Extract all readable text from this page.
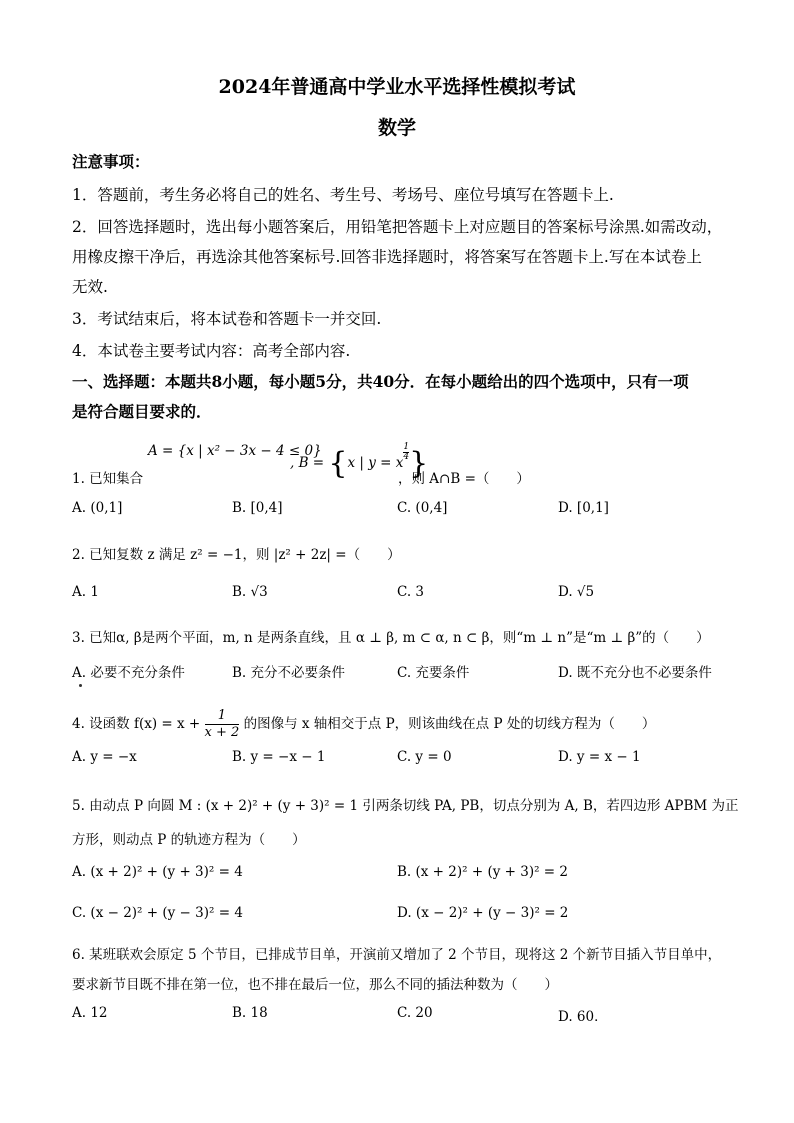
2024年普通高中学业水平选择性模拟考试
数学
注意事项：
1．答题前，考生务必将自己的姓名、考生号、考场号、座位号填写在答题卡上.
2．回答选择题时，选出每小题答案后，用铅笔把答题卡上对应题目的答案标号涂黑.如需改动，
用橡皮擦干净后，再选涂其他答案标号.回答非选择题时，将答案写在答题卡上.写在本试卷上
无效.
3．考试结束后，将本试卷和答题卡一并交回.
4．本试卷主要考试内容：高考全部内容.
一、选择题：本题共8小题，每小题5分，共40分．在每小题给出的四个选项中，只有一项
是符合题目要求的．
1. 已知集合
A = {x | x² − 3x − 4 ≤ 0}
, B = {x | y = x
$\frac{1}{4}$}
，则 A∩B =（　　）
A. (0,1]	B. [0,4]	C. (0,4]	D. [0,1]
2. 已知复数 z 满足 z² = −1，则 |z² + 2z| =（　　）
A. 1	B. √3	C. 3	D. √5
3. 已知α, β是两个平面，m, n 是两条直线，且 α ⊥ β, m ⊂ α, n ⊂ β，则“m ⊥ n”是“m ⊥ β”的（　　）
A. 必要不充分条件	B. 充分不必要条件	C. 充要条件	D. 既不充分也不必要条件
4. 设函数 $f(x) = x + \frac{1}{x + 2}$ 的图像与 x 轴相交于点 P，则该曲线在点 P 处的切线方程为（　　）
A. y = −x	B. y = −x − 1	C. y = 0	D. y = x − 1
5. 由动点 P 向圆 M : (x + 2)² + (y + 3)² = 1 引两条切线 PA, PB，切点分别为 A, B，若四边形 APBM 为正
方形，则动点 P 的轨迹方程为（　　）
A. (x + 2)² + (y + 3)² = 4	B. (x + 2)² + (y + 3)² = 2
C. (x − 2)² + (y − 3)² = 4	D. (x − 2)² + (y − 3)² = 2
6. 某班联欢会原定 5 个节目，已排成节目单，开演前又增加了 2 个节目，现将这 2 个新节目插入节目单中，
要求新节目既不排在第一位，也不排在最后一位，那么不同的插法种数为（　　）
A. 12	B. 18	C. 20	D. 60．
